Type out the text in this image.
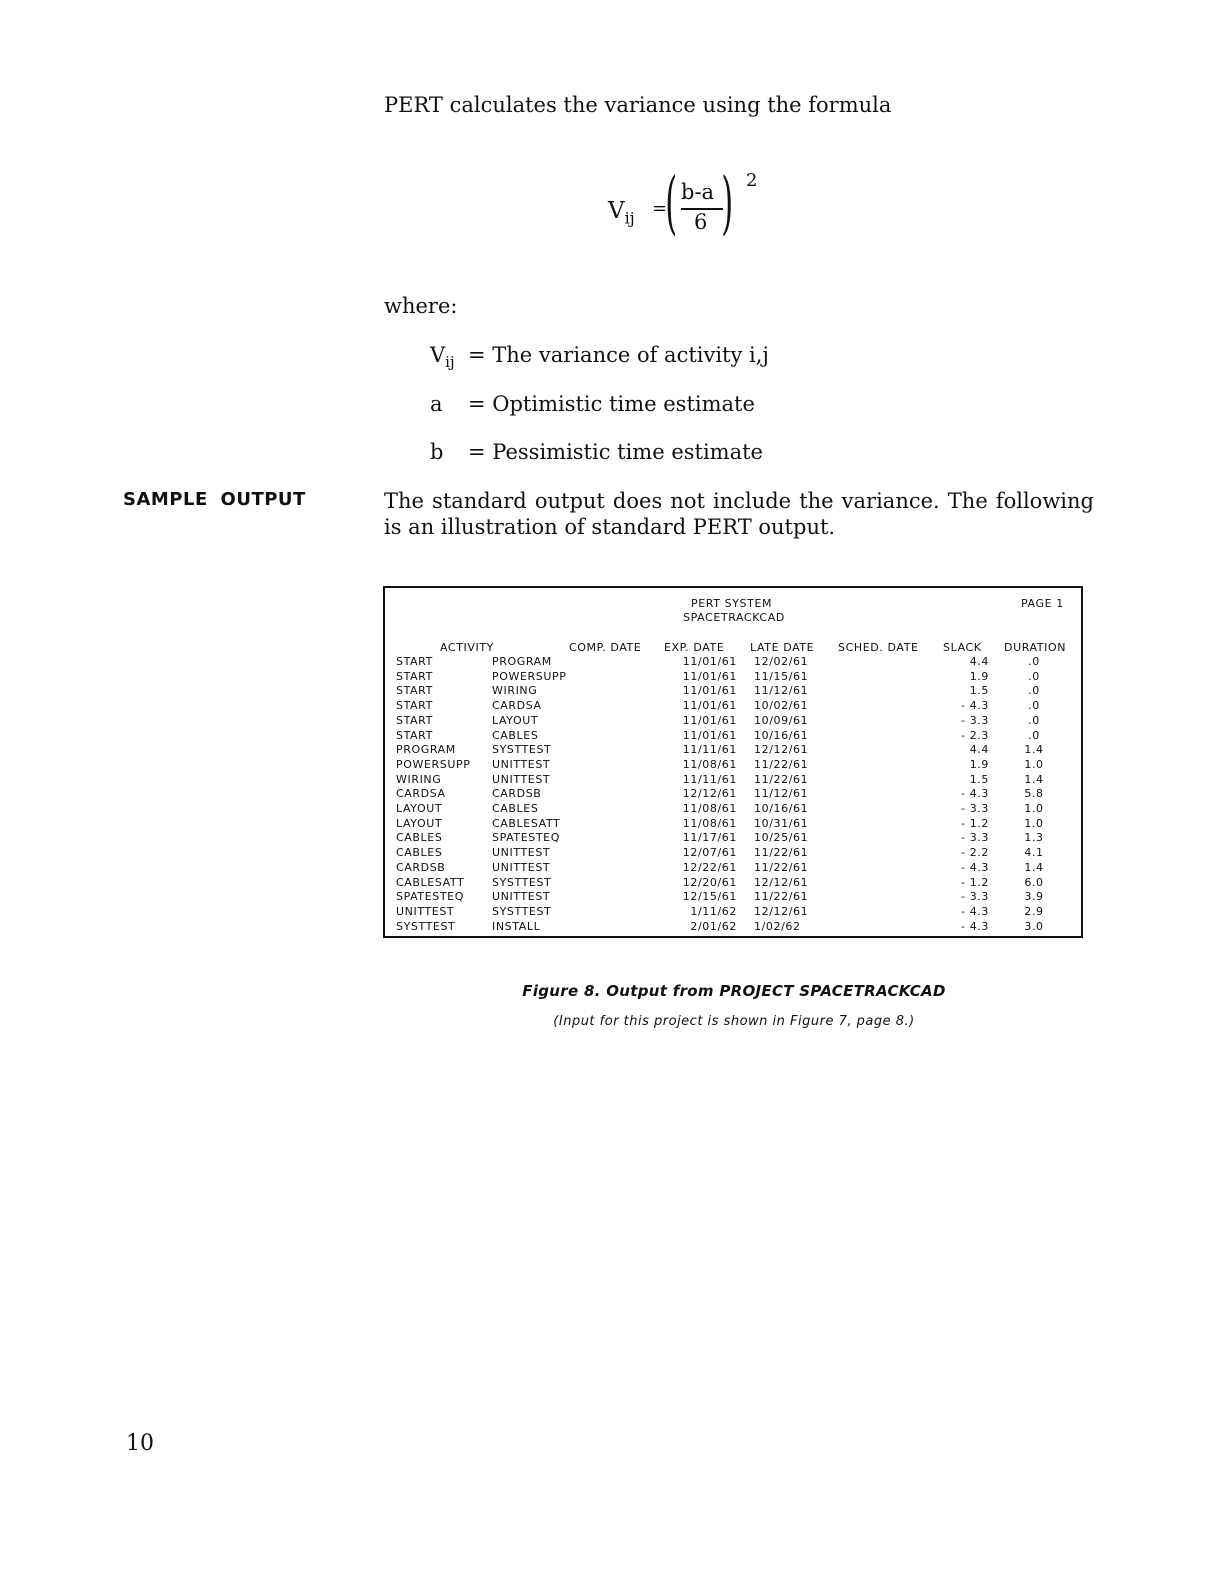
PERT calculates the variance using the formula
$V_{ij}$ =
( b-a
6 ) 2
where:
$V_{ij}$ = The variance of activity i,j
a = Optimistic time estimate
b = Pessimistic time estimate
SAMPLE OUTPUT	The standard output does not include the variance. The following is an illustration of standard PERT output.
PERT SYSTEM
SPACETRACKCAD
PAGE 1
ACTIVITY	COMP. DATE EXP. DATE LATE DATE SCHED. DATE SLACK DURATION
START	PROGRAM	11/01/61 12/02/61	4.4	.0
START	POWERSUPP	11/01/61 11/15/61	1.9	.0
START	WIRING	11/01/61 11/12/61	1.5	.0
START	CARDSA	11/01/61 10/02/61	- 4.3	.0
START	LAYOUT	11/01/61 10/09/61	- 3.3	.0
START	CABLES	11/01/61 10/16/61	- 2.3	.0
PROGRAM	SYSTTEST	11/11/61 12/12/61	4.4	1.4
POWERSUPP	UNITTEST	11/08/61 11/22/61	1.9	1.0
WIRING	UNITTEST	11/11/61 11/22/61	1.5	1.4
CARDSA	CARDSB	12/12/61 11/12/61	- 4.3	5.8
LAYOUT	CABLES	11/08/61 10/16/61	- 3.3	1.0
LAYOUT	CABLESATT	11/08/61 10/31/61	- 1.2	1.0
CABLES	SPATESTEQ	11/17/61 10/25/61	- 3.3	1.3
CABLES	UNITTEST	12/07/61 11/22/61	- 2.2	4.1
CARDSB	UNITTEST	12/22/61 11/22/61	- 4.3	1.4
CABLESATT	SYSTTEST	12/20/61 12/12/61	- 1.2	6.0
SPATESTEQ	UNITTEST	12/15/61 11/22/61	- 3.3	3.9
UNITTEST	SYSTTEST	1/11/62 12/12/61	- 4.3	2.9
SYSTTEST	INSTALL	2/01/62 1/02/62	- 4.3	3.0
Figure 8. Output from PROJECT SPACETRACKCAD
(Input for this project is shown in Figure 7, page 8.)
10
